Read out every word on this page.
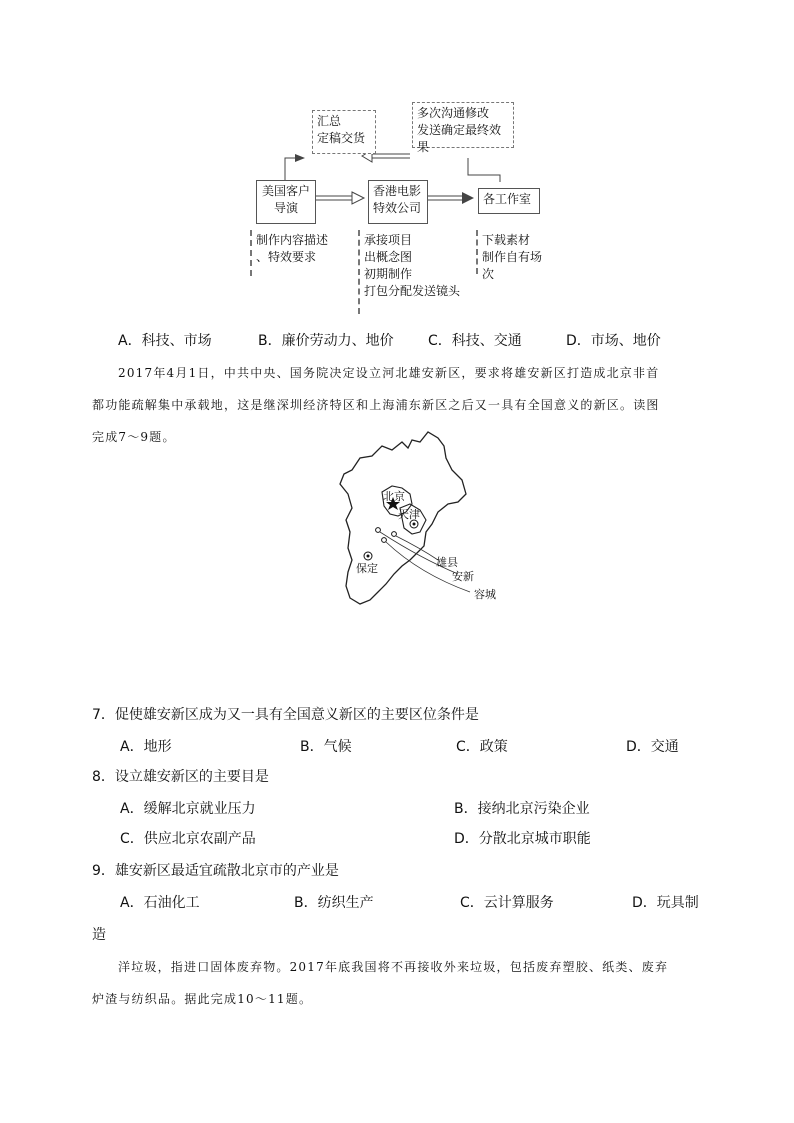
汇总
定稿交货
多次沟通修改
发送确定最终效果
美国客户
导演
香港电影
特效公司
各工作室
制作内容描述
、特效要求
承接项目
出概念图
初期制作
打包分配发送镜头
下载素材
制作自有场次
A．科技、市场	B．廉价劳动力、地价 C．科技、交通	D．市场、地价
2017年4月1日，中共中央、国务院决定设立河北雄安新区，要求将雄安新区打造成北京非首
都功能疏解集中承载地，这是继深圳经济特区和上海浦东新区之后又一具有全国意义的新区。读图
完成7～9题。
北京
天津
保定	雄县
安新
容城
7．促使雄安新区成为又一具有全国意义新区的主要区位条件是
A．地形	B．气候	C．政策	D．交通
8．设立雄安新区的主要目是
A．缓解北京就业压力	B．接纳北京污染企业
C．供应北京农副产品	D．分散北京城市职能
9．雄安新区最适宜疏散北京市的产业是
A．石油化工	B．纺织生产	C．云计算服务	D．玩具制
造
洋垃圾，指进口固体废弃物。2017年底我国将不再接收外来垃圾，包括废弃塑胶、纸类、废弃
炉渣与纺织品。据此完成10～11题。
